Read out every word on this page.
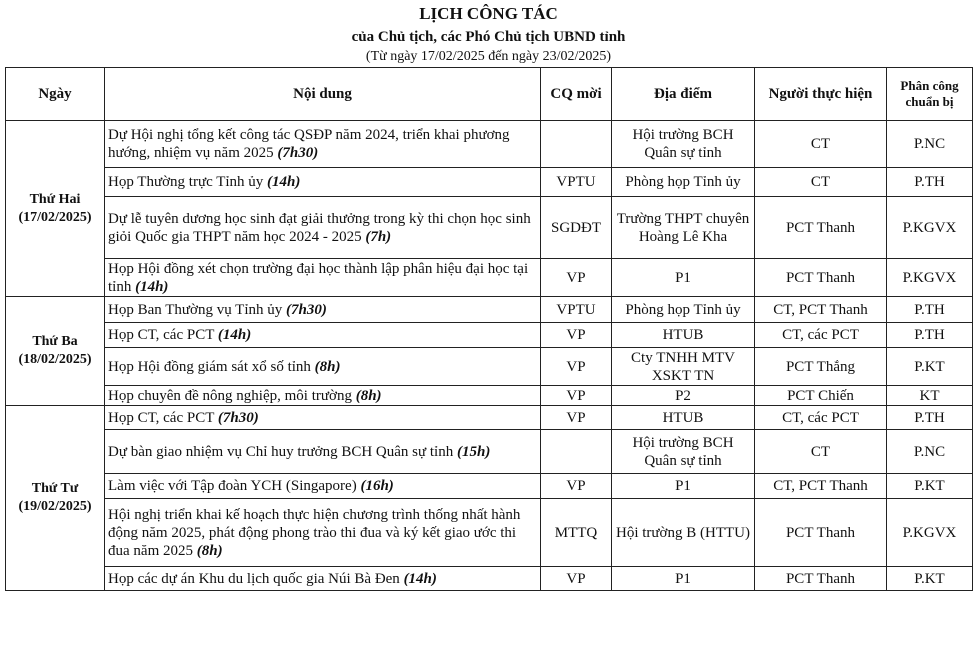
LỊCH CÔNG TÁC
của Chủ tịch, các Phó Chủ tịch UBND tỉnh
(Từ ngày 17/02/2025 đến ngày 23/02/2025)
Ngày	Nội dung	CQ mời	Địa điểm	Người thực hiện	Phân công chuẩn bị

Thứ Hai
(17/02/2025)	Dự Hội nghị tổng kết công tác QSĐP năm 2024, triển khai phương hướng, nhiệm vụ năm 2025 (7h30)		Hội trường BCH Quân sự tỉnh	CT	P.NC
	Họp Thường trực Tỉnh ủy (14h)	VPTU	Phòng họp Tỉnh ủy	CT	P.TH
	Dự lễ tuyên dương học sinh đạt giải thưởng trong kỳ thi chọn học sinh giỏi Quốc gia THPT năm học 2024 - 2025 (7h)	SGDĐT	Trường THPT chuyên Hoàng Lê Kha	PCT Thanh	P.KGVX
	Họp Hội đồng xét chọn trường đại học thành lập phân hiệu đại học tại tỉnh (14h)	VP	P1	PCT Thanh	P.KGVX

Thứ Ba
(18/02/2025)	Họp Ban Thường vụ Tỉnh ủy (7h30)	VPTU	Phòng họp Tỉnh ủy	CT, PCT Thanh	P.TH
	Họp CT, các PCT (14h)	VP	HTUB	CT, các PCT	P.TH
	Họp Hội đồng giám sát xổ số tỉnh (8h)	VP	Cty TNHH MTV XSKT TN	PCT Thắng	P.KT
	Họp chuyên đề nông nghiệp, môi trường (8h)	VP	P2	PCT Chiến	KT

Thứ Tư
(19/02/2025)	Họp CT, các PCT (7h30)	VP	HTUB	CT, các PCT	P.TH
	Dự bàn giao nhiệm vụ Chỉ huy trưởng BCH Quân sự tỉnh (15h)		Hội trường BCH Quân sự tỉnh	CT	P.NC
	Làm việc với Tập đoàn YCH (Singapore) (16h)	VP	P1	CT, PCT Thanh	P.KT
	Hội nghị triển khai kế hoạch thực hiện chương trình thống nhất hành động năm 2025, phát động phong trào thi đua và ký kết giao ước thi đua năm 2025 (8h)	MTTQ	Hội trường B (HTTU)	PCT Thanh	P.KGVX
	Họp các dự án Khu du lịch quốc gia Núi Bà Đen (14h)	VP	P1	PCT Thanh	P.KT
